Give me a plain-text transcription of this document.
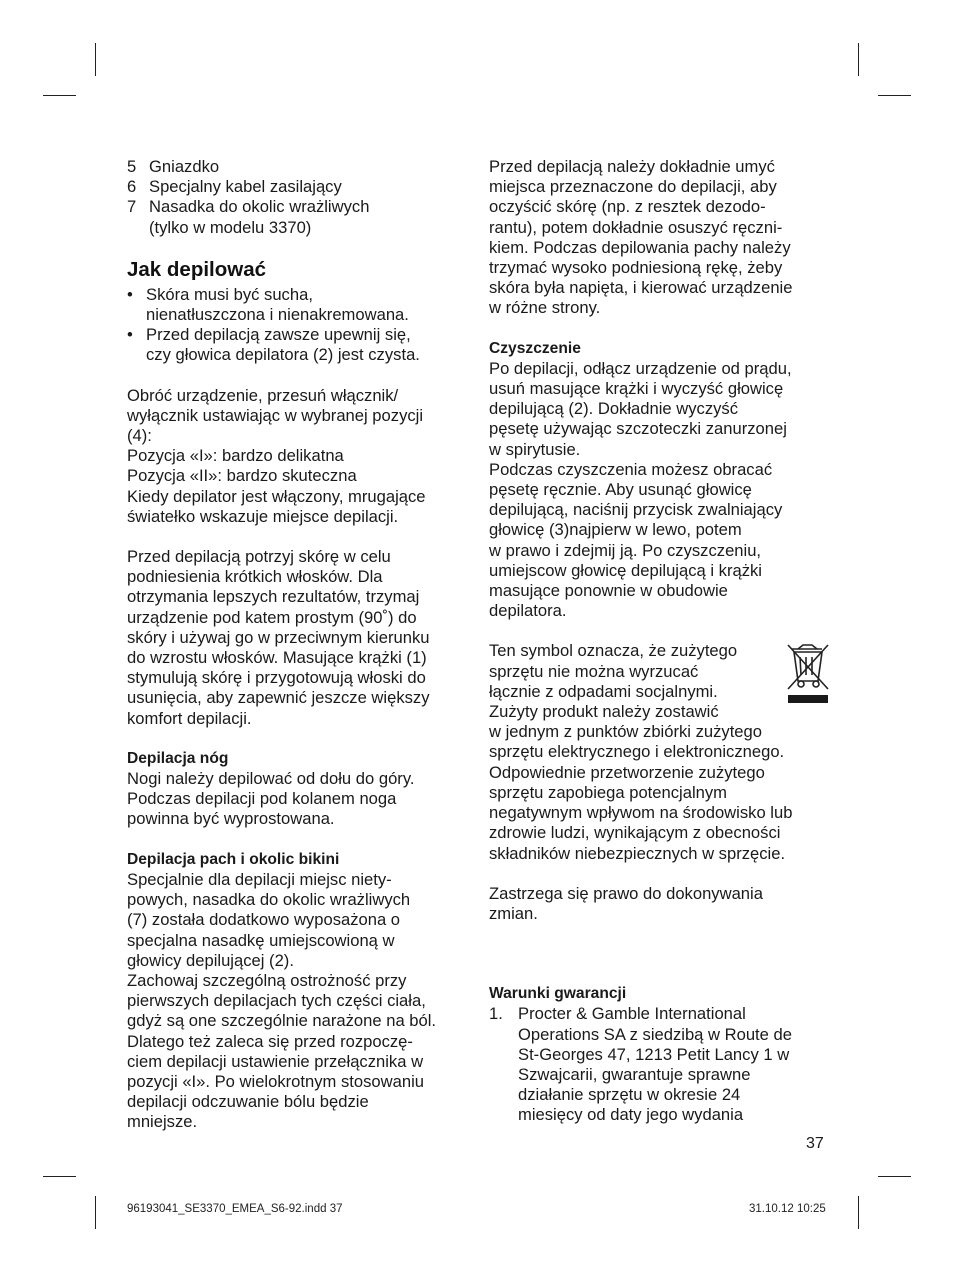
5 Gniazdko
6 Specjalny kabel zasilający
7 Nasadka do okolic wrażliwych

(tylko w modelu 3370)

Jak depilować
• Skóra musi być sucha,

nienatłuszczona i nienakremowana.

• Przed depilacją zawsze upewnij się,

czy głowica depilatora (2) jest czysta.

Obróć urządzenie, przesuń włącznik/

wyłącznik ustawiając w wybranej pozycji

(4):

Pozycja «I»: bardzo delikatna

Pozycja «II»: bardzo skuteczna

Kiedy depilator jest włączony, mrugające

światełko wskazuje miejsce depilacji.

Przed depilacją potrzyj skórę w celu

podniesienia krótkich włosków. Dla

otrzymania lepszych rezultatów, trzymaj

urządzenie pod katem prostym (90˚) do

skóry i używaj go w przeciwnym kierunku

do wzrostu włosków. Masujące krążki (1)

stymulują skórę i przygotowują włoski do

usunięcia, aby zapewnić jeszcze większy

komfort depilacji.

Depilacja nóg

Nogi należy depilować od dołu do góry.

Podczas depilacji pod kolanem noga

powinna być wyprostowana.

Depilacja pach i okolic bikini

Specjalnie dla depilacji miejsc niety-

powych, nasadka do okolic wrażliwych

(7) została dodatkowo wyposażona o

specjalna nasadkę umiejscowioną w

głowicy depilującej (2).

Zachowaj szczególną ostrożność przy

pierwszych depilacjach tych części ciała,

gdyż są one szczególnie narażone na ból.

Dlatego też zaleca się przed rozpoczę-

ciem depilacji ustawienie przełącznika w

pozycji «I». Po wielokrotnym stosowaniu

depilacji odczuwanie bólu będzie

mniejsze.

Przed depilacją należy dokładnie umyć

miejsca przeznaczone do depilacji, aby

oczyścić skórę (np. z resztek dezodo-

rantu), potem dokładnie osuszyć ręczni-

kiem. Podczas depilowania pachy należy

trzymać wysoko podniesioną rękę, żeby

skóra była napięta, i kierować urządzenie

w różne strony.

Czyszczenie

Po depilacji, odłącz urządzenie od prądu,

usuń masujące krążki i wyczyść głowicę

depilującą (2). Dokładnie wyczyść

pęsetę używając szczoteczki zanurzonej

w spirytusie.

Podczas czyszczenia możesz obracać

pęsetę ręcznie. Aby usunąć głowicę

depilującą, naciśnij przycisk zwalniający

głowicę (3)najpierw w lewo, potem

w prawo i zdejmij ją. Po czyszczeniu,

umiejscow głowicę depilującą i krążki

masujące ponownie w obudowie

depilatora.

Ten symbol oznacza, że zużytego

sprzętu nie można wyrzucać

łącznie z odpadami socjalnymi.

Zużyty produkt należy zostawić

w jednym z punktów zbiórki zużytego

sprzętu elektrycznego i elektronicznego.

Odpowiednie przetworzenie zużytego

sprzętu zapobiega potencjalnym

negatywnym wpływom na środowisko lub

zdrowie ludzi, wynikającym z obecności

składników niebezpiecznych w sprzęcie.

Zastrzega się prawo do dokonywania zmian.

Warunki gwarancji

1. Procter & Gamble International

Operations SA z siedzibą w Route de

St-Georges 47, 1213 Petit Lancy 1 w

Szwajcarii, gwarantuje sprawne

działanie sprzętu w okresie 24

miesięcy od daty jego wydania

37
96193041_SE3370_EMEA_S6-92.indd 37	31.10.12 10:25
